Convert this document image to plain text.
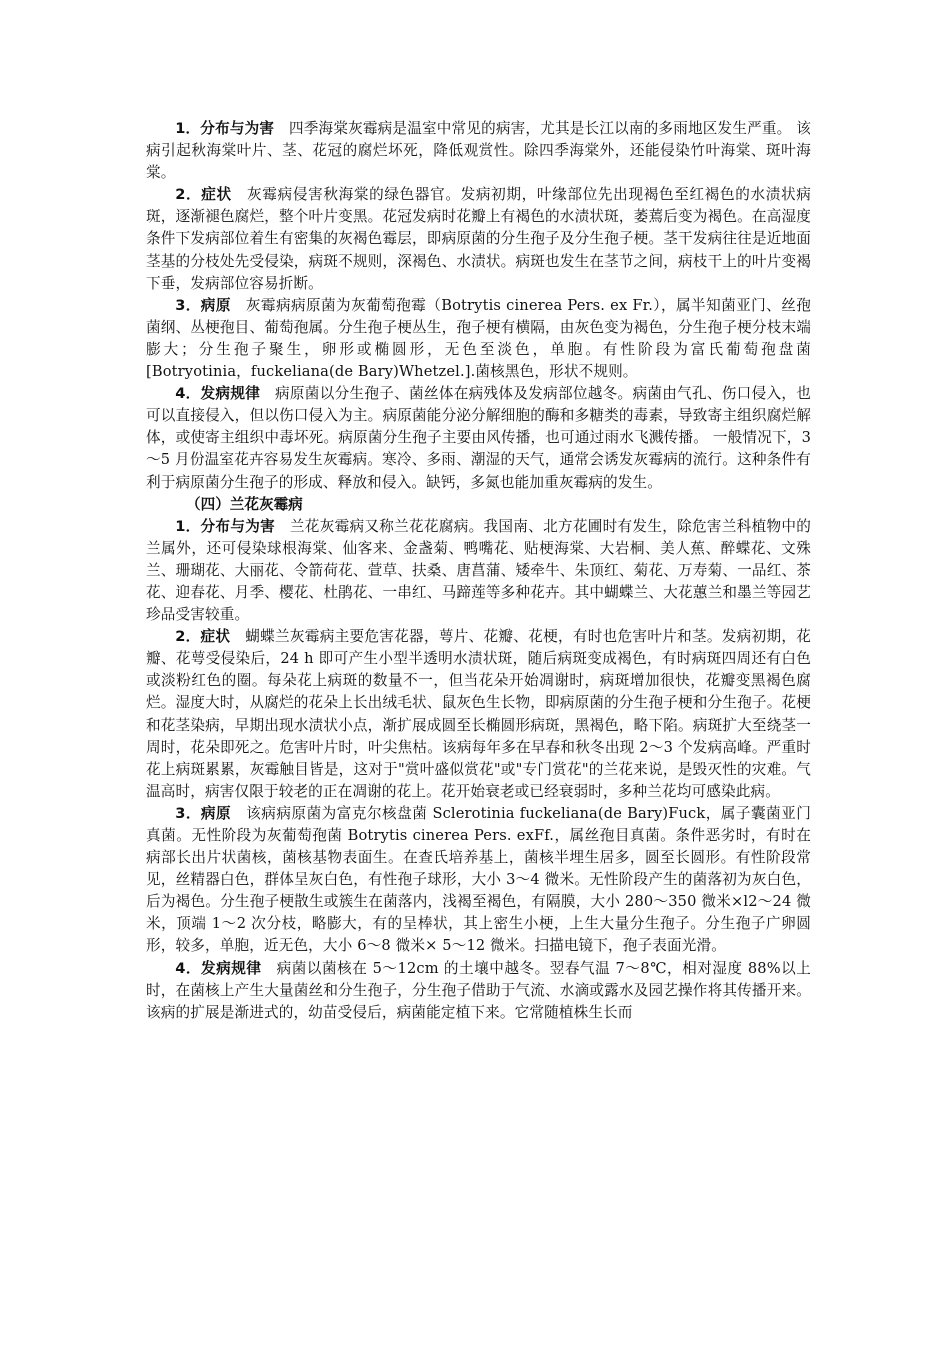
1．分布与为害 四季海棠灰霉病是温室中常见的病害，尤其是长江以南的多雨地区发生严重。 该病引起秋海棠叶片、茎、花冠的腐烂坏死，降低观赏性。除四季海棠外，还能侵染竹叶海棠、斑叶海棠。

2．症状 灰霉病侵害秋海棠的绿色器官。发病初期，叶缘部位先出现褐色至红褐色的水渍状病斑，逐渐褪色腐烂，整个叶片变黑。花冠发病时花瓣上有褐色的水渍状斑，萎蔫后变为褐色。在高湿度条件下发病部位着生有密集的灰褐色霉层，即病原菌的分生孢子及分生孢子梗。茎干发病往往是近地面茎基的分枝处先受侵染，病斑不规则，深褐色、水渍状。病斑也发生在茎节之间，病枝干上的叶片变褐下垂，发病部位容易折断。

3．病原 灰霉病病原菌为灰葡萄孢霉（Botrytis cinerea Pers. ex Fr.），属半知菌亚门、丝孢菌纲、丛梗孢目、葡萄孢属。分生孢子梗丛生，孢子梗有横隔，由灰色变为褐色，分生孢子梗分枝末端膨大；分生孢子聚生，卵形或椭圆形，无色至淡色，单胞。有性阶段为富氏葡萄孢盘菌[Botryotinia，fuckeliana(de Bary)Whetzel.].菌核黑色，形状不规则。

4．发病规律 病原菌以分生孢子、菌丝体在病残体及发病部位越冬。病菌由气孔、伤口侵入，也可以直接侵入，但以伤口侵入为主。病原菌能分泌分解细胞的酶和多糖类的毒素，导致寄主组织腐烂解体，或使寄主组织中毒坏死。病原菌分生孢子主要由风传播，也可通过雨水飞溅传播。 一般情况下，3～5 月份温室花卉容易发生灰霉病。寒冷、多雨、潮湿的天气，通常会诱发灰霉病的流行。这种条件有利于病原菌分生孢子的形成、释放和侵入。缺钙，多氮也能加重灰霉病的发生。

（四）兰花灰霉病

1．分布与为害 兰花灰霉病又称兰花花腐病。我国南、北方花圃时有发生，除危害兰科植物中的兰属外，还可侵染球根海棠、仙客来、金盏菊、鸭嘴花、贴梗海棠、大岩桐、美人蕉、醉蝶花、文殊兰、珊瑚花、大丽花、令箭荷花、萱草、扶桑、唐菖蒲、矮牵牛、朱顶红、菊花、万寿菊、一品红、茶花、迎春花、月季、樱花、杜鹃花、一串红、马蹄莲等多种花卉。其中蝴蝶兰、大花蕙兰和墨兰等园艺珍品受害较重。

2．症状 蝴蝶兰灰霉病主要危害花器，萼片、花瓣、花梗，有时也危害叶片和茎。发病初期，花瓣、花萼受侵染后，24 h 即可产生小型半透明水渍状斑，随后病斑变成褐色，有时病斑四周还有白色或淡粉红色的圈。每朵花上病斑的数量不一，但当花朵开始凋谢时，病斑增加很快，花瓣变黑褐色腐烂。湿度大时，从腐烂的花朵上长出绒毛状、鼠灰色生长物，即病原菌的分生孢子梗和分生孢子。花梗和花茎染病，早期出现水渍状小点，渐扩展成圆至长椭圆形病斑，黑褐色，略下陷。病斑扩大至绕茎一周时，花朵即死之。危害叶片时，叶尖焦枯。该病每年多在早春和秋冬出现 2～3 个发病高峰。严重时花上病斑累累，灰霉触目皆是，这对于"赏叶盛似赏花"或"专门赏花"的兰花来说，是毁灭性的灾难。气温高时，病害仅限于较老的正在凋谢的花上。花开始衰老或已经衰弱时，多种兰花均可感染此病。

3．病原 该病病原菌为富克尔核盘菌 Sclerotinia fuckeliana(de Bary)Fuck，属子囊菌亚门真菌。无性阶段为灰葡萄孢菌 Botrytis cinerea Pers. exFf.，属丝孢目真菌。条件恶劣时，有时在病部长出片状菌核，菌核基物表面生。在查氏培养基上，菌核半埋生居多，圆至长圆形。有性阶段常见，丝精器白色，群体呈灰白色，有性孢子球形，大小 3～4 微米。无性阶段产生的菌落初为灰白色，后为褐色。分生孢子梗散生或簇生在菌落内，浅褐至褐色，有隔膜，大小 280～350 微米×l2～24 微米，顶端 1～2 次分枝，略膨大，有的呈棒状，其上密生小梗，上生大量分生孢子。分生孢子广卵圆形，较多，单胞，近无色，大小 6～8 微米× 5～12 微米。扫描电镜下，孢子表面光滑。

4．发病规律 病菌以菌核在 5～12cm 的土壤中越冬。翌春气温 7～8℃，相对湿度 88%以上时，在菌核上产生大量菌丝和分生孢子，分生孢子借助于气流、水滴或露水及园艺操作将其传播开来。该病的扩展是渐进式的，幼苗受侵后，病菌能定植下来。它常随植株生长而
